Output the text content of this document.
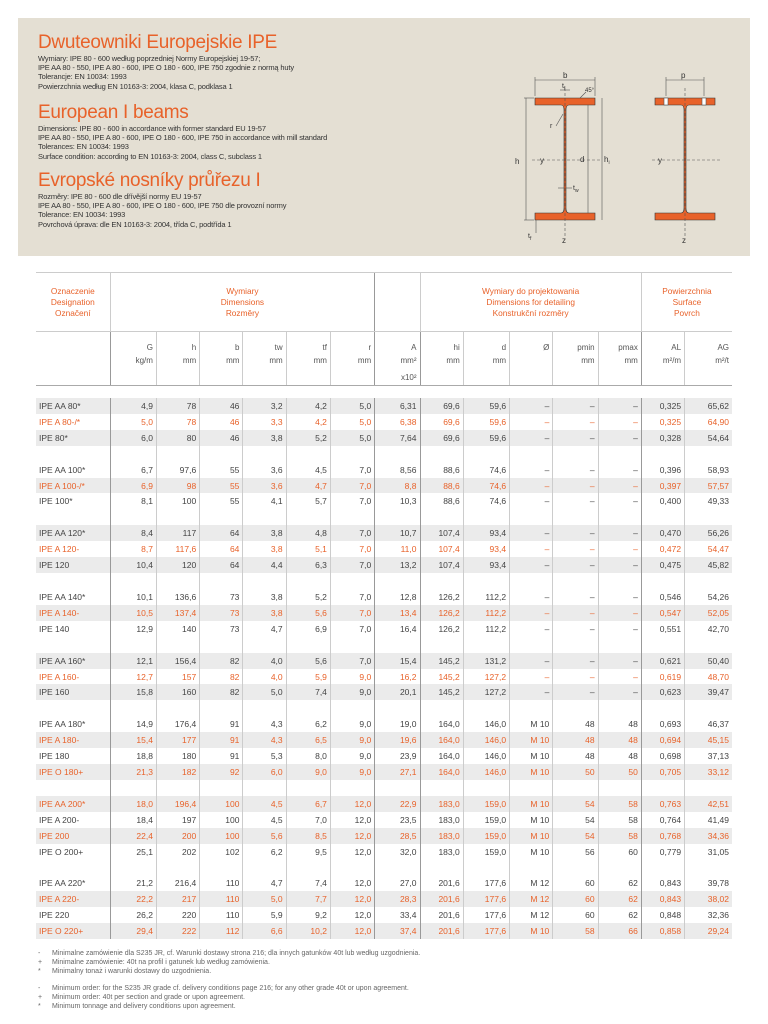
Dwuteowniki Europejskie IPE
Wymiary: IPE 80 - 600 według poprzedniej Normy Europejskiej 19-57;
IPE AA 80 - 550, IPE A 80 - 600, IPE O 180 - 600, IPE 750 zgodnie z normą huty
Tolerancje: EN 10034: 1993
Powierzchnia według EN 10163-3: 2004, klasa C, podklasa 1
European I beams
Dimensions: IPE 80 - 600 in accordance with former standard EU 19-57
IPE AA 80 - 550, IPE A 80 - 600, IPE O 180 - 600, IPE 750 in accordance with mill standard
Tolerances: EN 10034: 1993
Surface condition: according to EN 10163-3: 2004, class C, subclass 1
Evropské nosníky průřezu I
Rozměry: IPE 80 - 600 dle dřívější normy EU 19-57
IPE AA 80 - 550, IPE A 80 - 600, IPE O 180 - 600, IPE 750 dle provozní normy
Tolerance: EN 10034: 1993
Povrchová úprava: dle EN 10163-3: 2004, třída C, podtřída 1
b
$t_f$	45°
r
h	d $h_i$
y
$t_w$
$t_f$	z
p
y
z
Oznaczenie
Designation
Označení	Wymiary
Dimensions
Rozměry							Wymiary do projektowania
Dimensions for detailing
Konstrukční rozměry					Powierzchnia
Surface
Povrch	
	G	h	b	tw	tf	r	A	hi	d	Ø	pmin	pmax	AL	AG
	kg/m	mm	mm	mm	mm	mm	mm²	mm	mm		mm	mm	m²/m	m²/t
							x10²							

IPE AA 80*	4,9	78	46	3,2	4,2	5,0	6,31	69,6	59,6	–	–	–	0,325	65,62
IPE A 80-/*	5,0	78	46	3,3	4,2	5,0	6,38	69,6	59,6	–	–	–	0,325	64,90
IPE 80*	6,0	80	46	3,8	5,2	5,0	7,64	69,6	59,6	–	–	–	0,328	54,64

IPE AA 100*	6,7	97,6	55	3,6	4,5	7,0	8,56	88,6	74,6	–	–	–	0,396	58,93
IPE A 100-/*	6,9	98	55	3,6	4,7	7,0	8,8	88,6	74,6	–	–	–	0,397	57,57
IPE 100*	8,1	100	55	4,1	5,7	7,0	10,3	88,6	74,6	–	–	–	0,400	49,33

IPE AA 120*	8,4	117	64	3,8	4,8	7,0	10,7	107,4	93,4	–	–	–	0,470	56,26
IPE A 120-	8,7	117,6	64	3,8	5,1	7,0	11,0	107,4	93,4	–	–	–	0,472	54,47
IPE 120	10,4	120	64	4,4	6,3	7,0	13,2	107,4	93,4	–	–	–	0,475	45,82

IPE AA 140*	10,1	136,6	73	3,8	5,2	7,0	12,8	126,2	112,2	–	–	–	0,546	54,26
IPE A 140-	10,5	137,4	73	3,8	5,6	7,0	13,4	126,2	112,2	–	–	–	0,547	52,05
IPE 140	12,9	140	73	4,7	6,9	7,0	16,4	126,2	112,2	–	–	–	0,551	42,70

IPE AA 160*	12,1	156,4	82	4,0	5,6	7,0	15,4	145,2	131,2	–	–	–	0,621	50,40
IPE A 160-	12,7	157	82	4,0	5,9	9,0	16,2	145,2	127,2	–	–	–	0,619	48,70
IPE 160	15,8	160	82	5,0	7,4	9,0	20,1	145,2	127,2	–	–	–	0,623	39,47

IPE AA 180*	14,9	176,4	91	4,3	6,2	9,0	19,0	164,0	146,0	M 10	48	48	0,693	46,37
IPE A 180-	15,4	177	91	4,3	6,5	9,0	19,6	164,0	146,0	M 10	48	48	0,694	45,15
IPE 180	18,8	180	91	5,3	8,0	9,0	23,9	164,0	146,0	M 10	48	48	0,698	37,13
IPE O 180+	21,3	182	92	6,0	9,0	9,0	27,1	164,0	146,0	M 10	50	50	0,705	33,12

IPE AA 200*	18,0	196,4	100	4,5	6,7	12,0	22,9	183,0	159,0	M 10	54	58	0,763	42,51
IPE A 200-	18,4	197	100	4,5	7,0	12,0	23,5	183,0	159,0	M 10	54	58	0,764	41,49
IPE 200	22,4	200	100	5,6	8,5	12,0	28,5	183,0	159,0	M 10	54	58	0,768	34,36
IPE O 200+	25,1	202	102	6,2	9,5	12,0	32,0	183,0	159,0	M 10	56	60	0,779	31,05

IPE AA 220*	21,2	216,4	110	4,7	7,4	12,0	27,0	201,6	177,6	M 12	60	62	0,843	39,78
IPE A 220-	22,2	217	110	5,0	7,7	12,0	28,3	201,6	177,6	M 12	60	62	0,843	38,02
IPE 220	26,2	220	110	5,9	9,2	12,0	33,4	201,6	177,6	M 12	60	62	0,848	32,36
IPE O 220+	29,4	222	112	6,6	10,2	12,0	37,4	201,6	177,6	M 10	58	66	0,858	29,24
- Minimalne zamówienie dla S235 JR, cf. Warunki dostawy strona 216; dla innych gatunków 40t lub według uzgodnienia.
+ Minimalne zamówienie: 40t na profil i gatunek lub według zamówienia.
* Minimalny tonaż i warunki dostawy do uzgodnienia.
- Minimum order: for the S235 JR grade cf. delivery conditions page 216; for any other grade 40t or upon agreement.
+ Minimum order: 40t per section and grade or upon agreement.
* Minimum tonnage and delivery conditions upon agreement.
